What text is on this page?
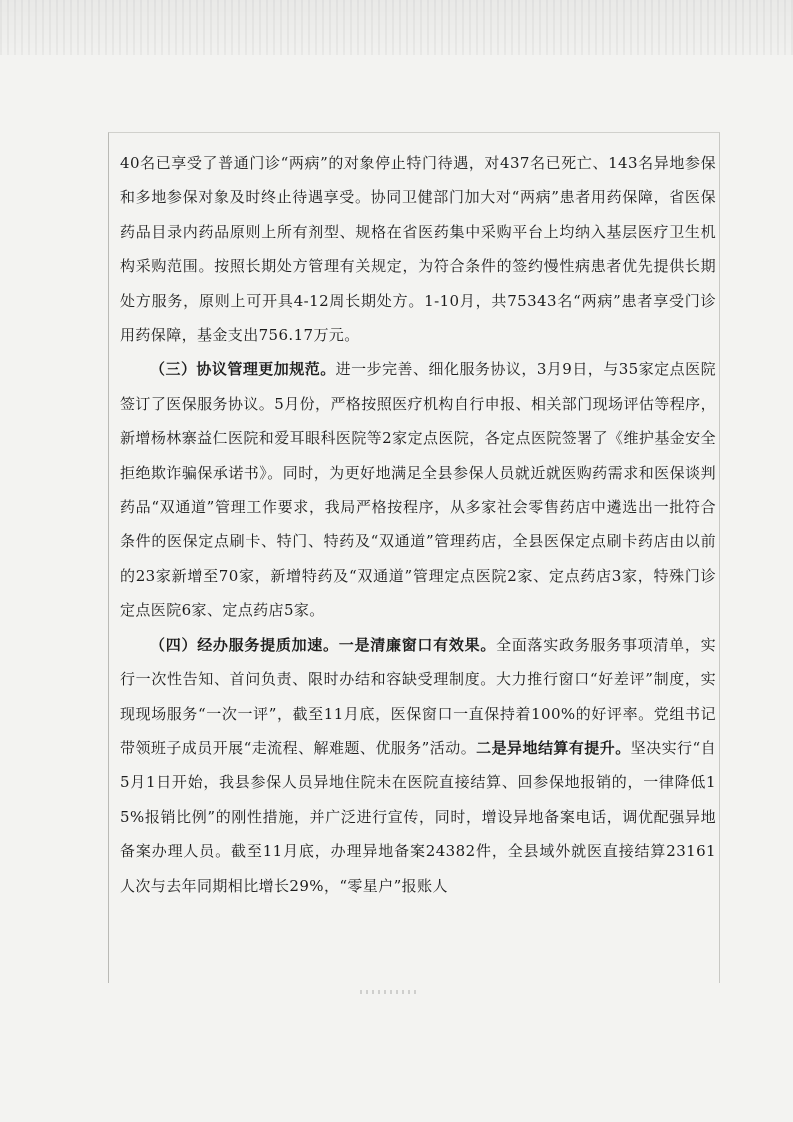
40名已享受了普通门诊“两病”的对象停止特门待遇，对437名已死亡、143名异地参保和多地参保对象及时终止待遇享受。协同卫健部门加大对“两病”患者用药保障，省医保药品目录内药品原则上所有剂型、规格在省医药集中采购平台上均纳入基层医疗卫生机构采购范围。按照长期处方管理有关规定，为符合条件的签约慢性病患者优先提供长期处方服务，原则上可开具4-12周长期处方。1-10月，共75343名“两病”患者享受门诊用药保障，基金支出756.17万元。

（三）协议管理更加规范。进一步完善、细化服务协议，3月9日，与35家定点医院签订了医保服务协议。5月份，严格按照医疗机构自行申报、相关部门现场评估等程序，新增杨林寨益仁医院和爱耳眼科医院等2家定点医院，各定点医院签署了《维护基金安全 拒绝欺诈骗保承诺书》。同时，为更好地满足全县参保人员就近就医购药需求和医保谈判药品“双通道”管理工作要求，我局严格按程序，从多家社会零售药店中遴选出一批符合条件的医保定点刷卡、特门、特药及“双通道”管理药店，全县医保定点刷卡药店由以前的23家新增至70家，新增特药及“双通道”管理定点医院2家、定点药店3家，特殊门诊定点医院6家、定点药店5家。

（四）经办服务提质加速。一是清廉窗口有效果。全面落实政务服务事项清单，实行一次性告知、首问负责、限时办结和容缺受理制度。大力推行窗口“好差评”制度，实现现场服务“一次一评”，截至11月底，医保窗口一直保持着100%的好评率。党组书记带领班子成员开展“走流程、解难题、优服务”活动。二是异地结算有提升。坚决实行“自5月1日开始，我县参保人员异地住院未在医院直接结算、回参保地报销的，一律降低15%报销比例”的刚性措施，并广泛进行宣传，同时，增设异地备案电话，调优配强异地备案办理人员。截至11月底，办理异地备案24382件，全县域外就医直接结算23161人次与去年同期相比增长29%，“零星户”报账人
